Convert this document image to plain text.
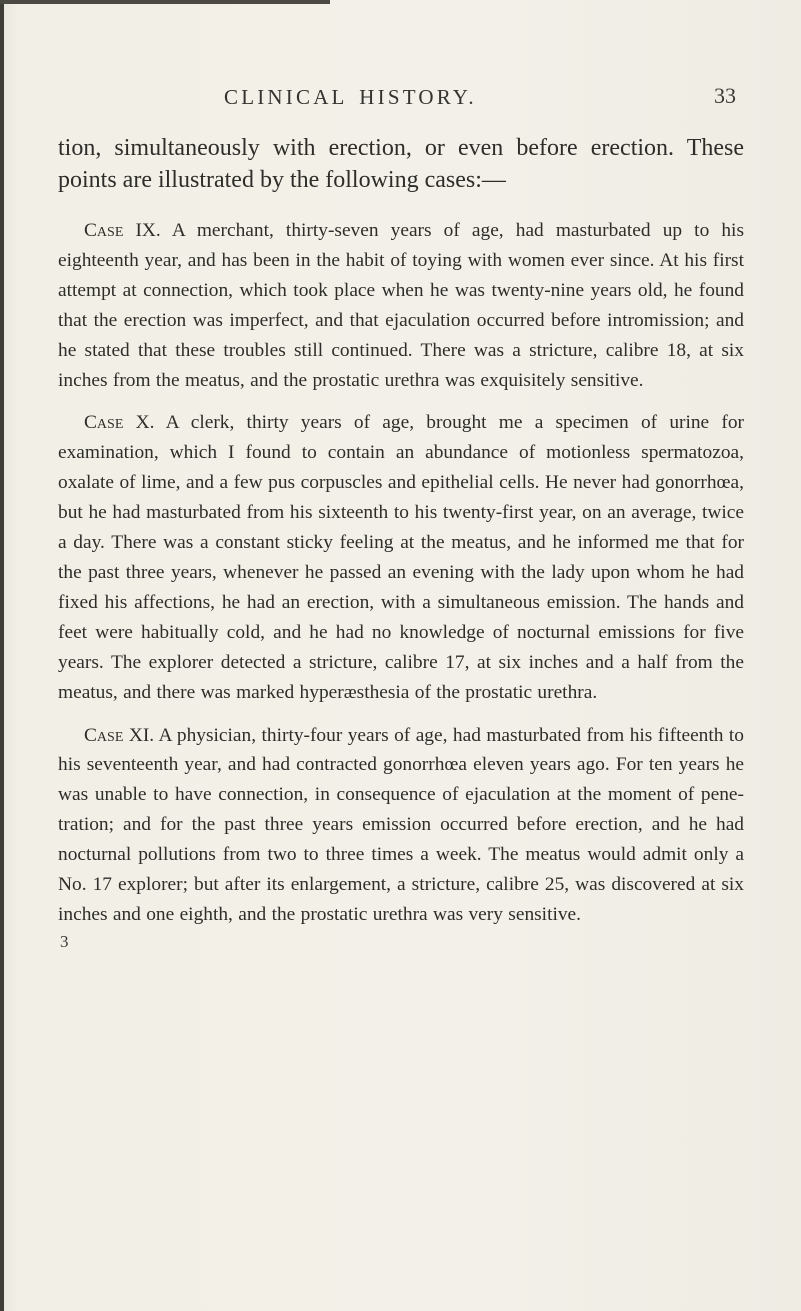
CLINICAL HISTORY.	33

tion, simultaneously with erection, or even before erection. These points are illustrated by the following cases:—

Case IX. A merchant, thirty-seven years of age, had masturbated up to his eighteenth year, and has been in the habit of toying with women ever since. At his first attempt at connection, which took place when he was twenty-nine years old, he found that the erection was imperfect, and that ejaculation occurred before intromission; and he stated that these troubles still continued. There was a stricture, calibre 18, at six inches from the meatus, and the prostatic urethra was exquisitely sensitive.

Case X. A clerk, thirty years of age, brought me a specimen of urine for examination, which I found to contain an abundance of motionless spermatozoa, oxalate of lime, and a few pus corpuscles and epithelial cells. He never had gonorrhœa, but he had masturbated from his sixteenth to his twenty-first year, on an average, twice a day. There was a constant sticky feeling at the meatus, and he informed me that for the past three years, whenever he passed an evening with the lady upon whom he had fixed his affections, he had an erection, with a simultaneous emission. The hands and feet were habitually cold, and he had no knowledge of nocturnal emissions for five years. The explorer detected a stricture, calibre 17, at six inches and a half from the meatus, and there was marked hyperæsthesia of the prostatic urethra.

Case XI. A physician, thirty-four years of age, had masturbated from his fifteenth to his seventeenth year, and had contracted gonorrhœa eleven years ago. For ten years he was unable to have connection, in consequence of ejaculation at the moment of penetration; and for the past three years emission occurred before erection, and he had nocturnal pollutions from two to three times a week. The meatus would admit only a No. 17 explorer; but after its enlargement, a stricture, calibre 25, was discovered at six inches and one eighth, and the prostatic urethra was very sensitive.

3
